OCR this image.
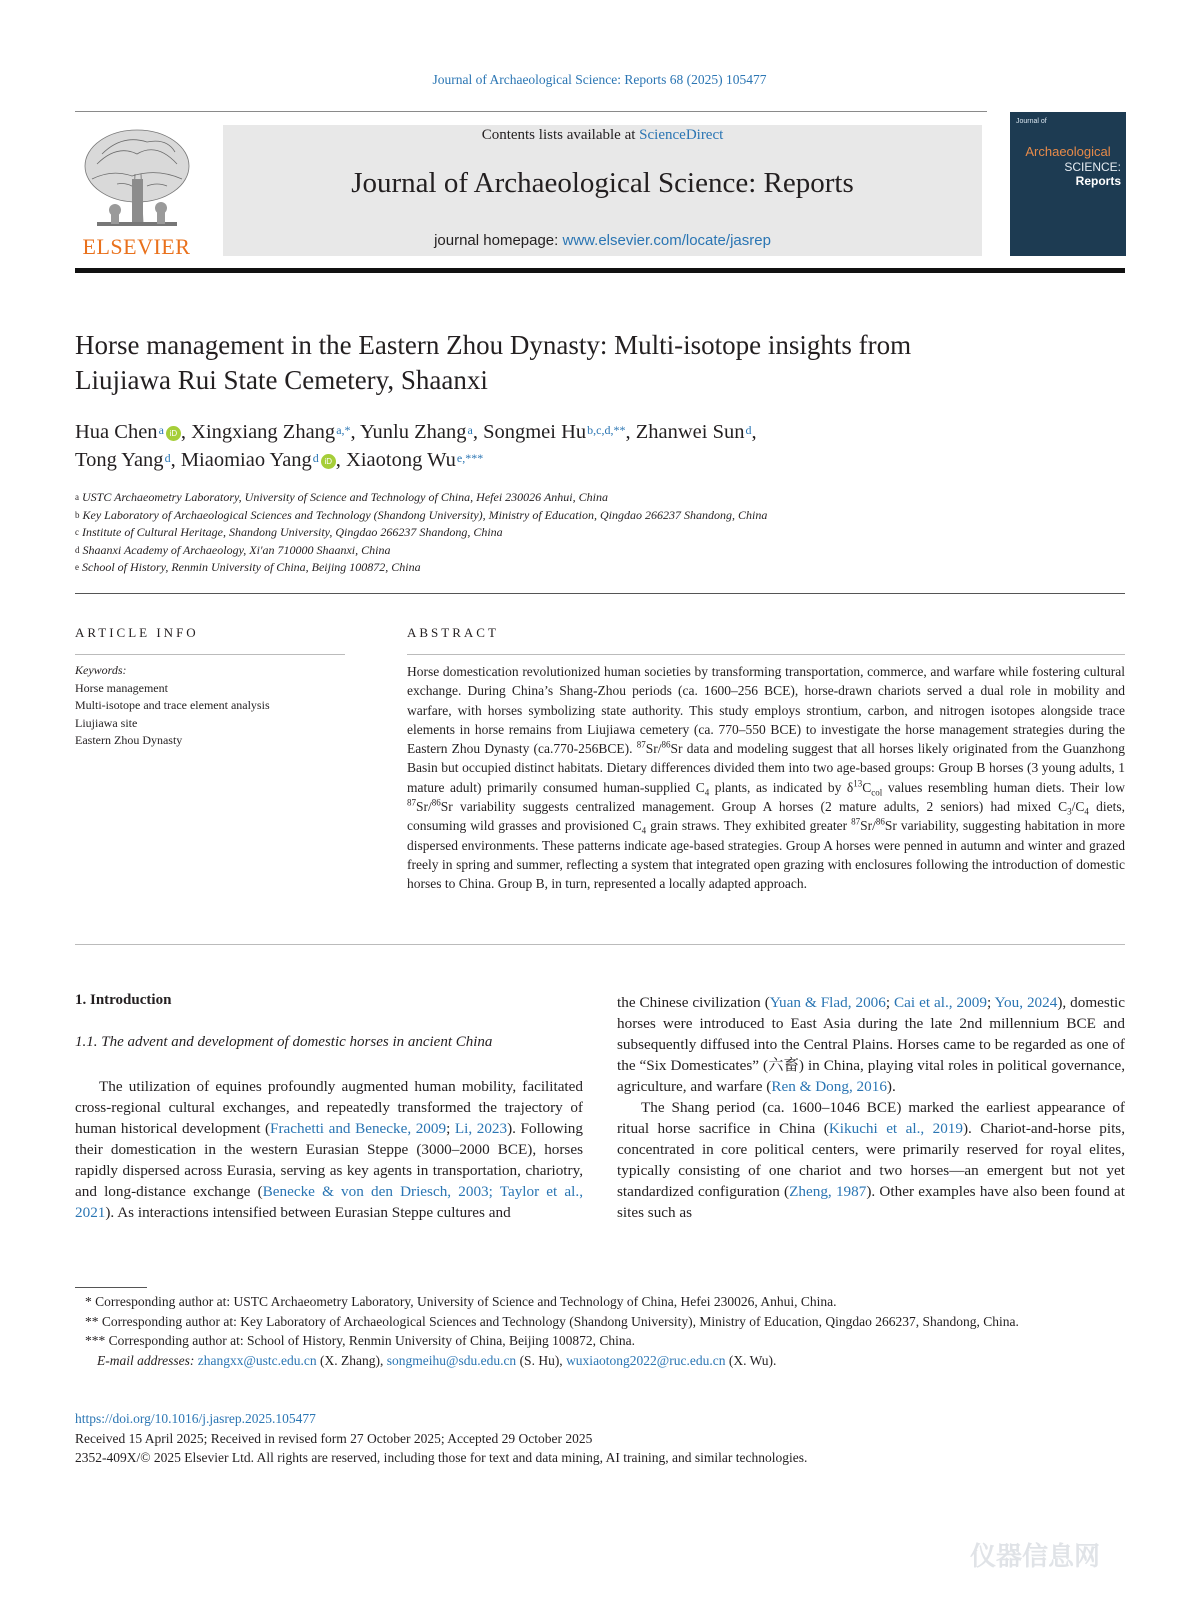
Journal of Archaeological Science: Reports 68 (2025) 105477
ELSEVIER
Contents lists available at ScienceDirect
Journal of Archaeological Science: Reports
journal homepage: www.elsevier.com/locate/jasrep
Journal of
Archaeological
SCIENCE:
Reports
Horse management in the Eastern Zhou Dynasty: Multi-isotope insights from Liujiawa Rui State Cemetery, Shaanxi
Hua Chen$^a$ iD , Xingxiang Zhang$^{a,*}$, Yunlu Zhang$^a$, Songmei Hu$^{b,c,d,**}$, Zhanwei Sun$^d$,
Tong Yang$^d$, Miaomiao Yang$^d$ iD , Xiaotong Wu$^{e,***}$
$^a$ USTC Archaeometry Laboratory, University of Science and Technology of China, Hefei 230026 Anhui, China
$^b$ Key Laboratory of Archaeological Sciences and Technology (Shandong University), Ministry of Education, Qingdao 266237 Shandong, China
$^c$ Institute of Cultural Heritage, Shandong University, Qingdao 266237 Shandong, China
$^d$ Shaanxi Academy of Archaeology, Xi'an 710000 Shaanxi, China
$^e$ School of History, Renmin University of China, Beijing 100872, China
ARTICLE INFO	ABSTRACT
Keywords:
Horse management
Multi-isotope and trace element analysis
Liujiawa site
Eastern Zhou Dynasty
Horse domestication revolutionized human societies by transforming transportation, commerce, and warfare while fostering cultural exchange. During China’s Shang-Zhou periods (ca. 1600–256 BCE), horse-drawn chariots served a dual role in mobility and warfare, with horses symbolizing state authority. This study employs strontium, carbon, and nitrogen isotopes alongside trace elements in horse remains from Liujiawa cemetery (ca. 770–550 BCE) to investigate the horse management strategies during the Eastern Zhou Dynasty (ca.770-256BCE). $^{87}$Sr/$^{86}$Sr data and modeling suggest that all horses likely originated from the Guanzhong Basin but occupied distinct habitats. Dietary differences divided them into two age-based groups: Group B horses (3 young adults, 1 mature adult) primarily consumed human-supplied $C_4$ plants, as indicated by $\delta^{13}C_{col}$ values resembling human diets. Their low $^{87}$Sr/$^{86}$Sr variability suggests centralized management. Group A horses (2 mature adults, 2 seniors) had mixed $C_3/C_4$ diets, consuming wild grasses and provisioned $C_4$ grain straws. They exhibited greater $^{87}$Sr/$^{86}$Sr variability, suggesting habitation in more dispersed environments. These patterns indicate age-based strategies. Group A horses were penned in autumn and winter and grazed freely in spring and summer, reflecting a system that integrated open grazing with enclosures following the introduction of domestic horses to China. Group B, in turn, represented a locally adapted approach.
1. Introduction
1.1. The advent and development of domestic horses in ancient China
The utilization of equines profoundly augmented human mobility, facilitated cross-regional cultural exchanges, and repeatedly transformed the trajectory of human historical development (Frachetti and Benecke, 2009; Li, 2023). Following their domestication in the western Eurasian Steppe (3000–2000 BCE), horses rapidly dispersed across Eurasia, serving as key agents in transportation, chariotry, and long-distance exchange (Benecke & von den Driesch, 2003; Taylor et al., 2021). As interactions intensified between Eurasian Steppe cultures and
the Chinese civilization (Yuan & Flad, 2006; Cai et al., 2009; You, 2024), domestic horses were introduced to East Asia during the late 2nd millennium BCE and subsequently diffused into the Central Plains. Horses came to be regarded as one of the “Six Domesticates” (六畜) in China, playing vital roles in political governance, agriculture, and warfare (Ren & Dong, 2016).
The Shang period (ca. 1600–1046 BCE) marked the earliest appearance of ritual horse sacrifice in China (Kikuchi et al., 2019). Chariot-and-horse pits, concentrated in core political centers, were primarily reserved for royal elites, typically consisting of one chariot and two horses—an emergent but not yet standardized configuration (Zheng, 1987). Other examples have also been found at sites such as
* Corresponding author at: USTC Archaeometry Laboratory, University of Science and Technology of China, Hefei 230026, Anhui, China.
** Corresponding author at: Key Laboratory of Archaeological Sciences and Technology (Shandong University), Ministry of Education, Qingdao 266237, Shandong, China.
*** Corresponding author at: School of History, Renmin University of China, Beijing 100872, China.
E-mail addresses: zhangxx@ustc.edu.cn (X. Zhang), songmeihu@sdu.edu.cn (S. Hu), wuxiaotong2022@ruc.edu.cn (X. Wu).
https://doi.org/10.1016/j.jasrep.2025.105477
Received 15 April 2025; Received in revised form 27 October 2025; Accepted 29 October 2025
2352-409X/© 2025 Elsevier Ltd. All rights are reserved, including those for text and data mining, AI training, and similar technologies.
仪器信息网
